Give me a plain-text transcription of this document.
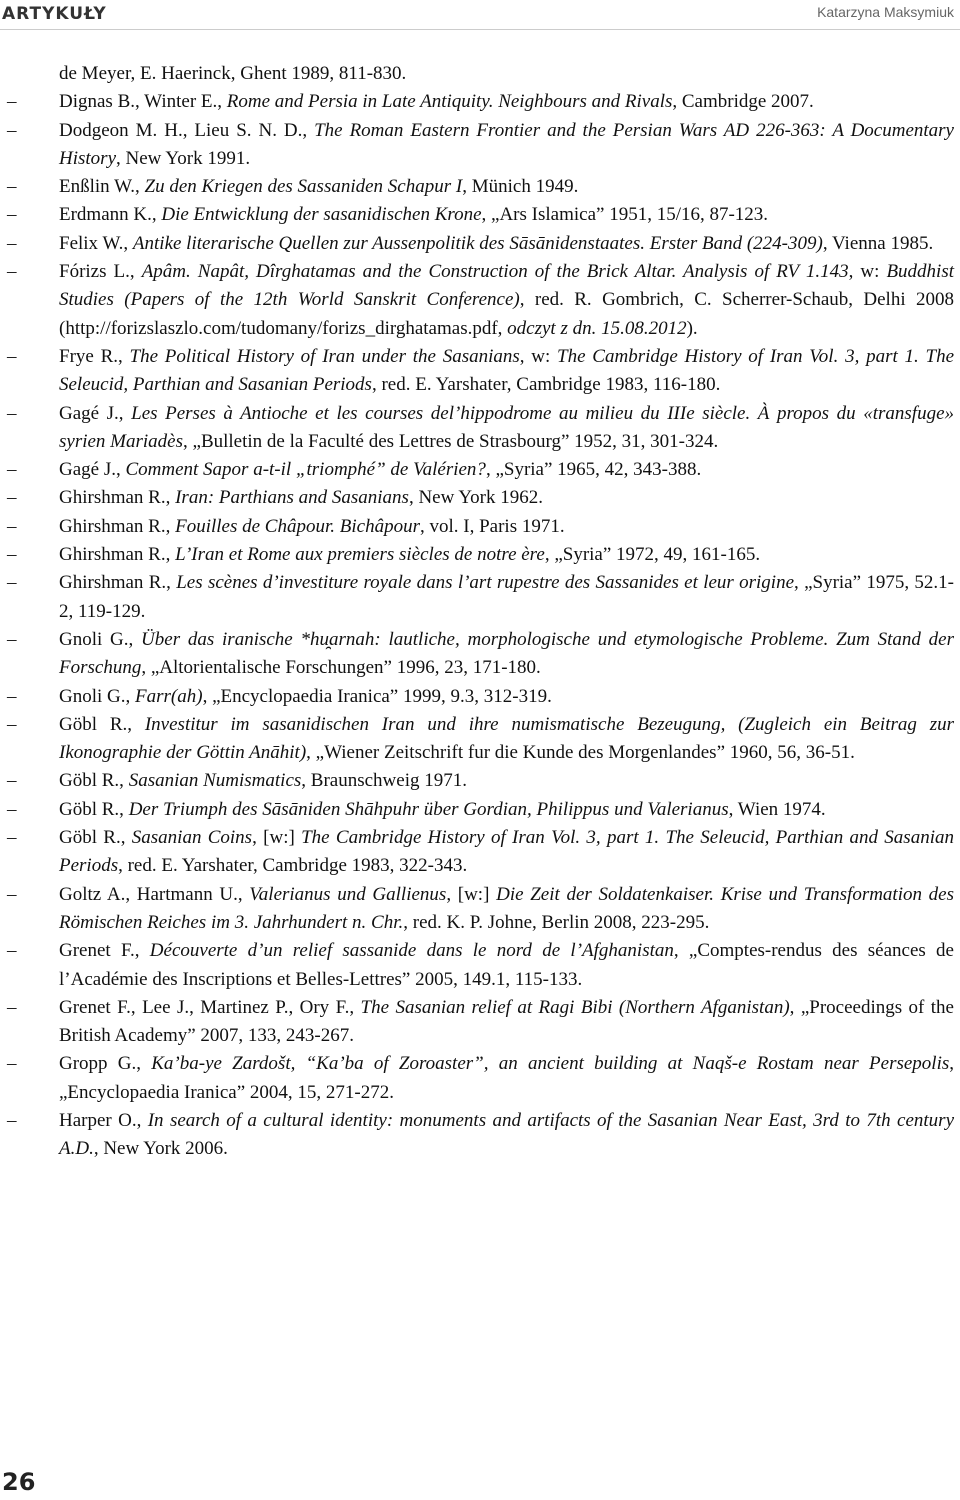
ARTYKUŁY	Katarzyna Maksymiuk
de Meyer, E. Haerinck, Ghent 1989, 811-830.
–	Dignas B., Winter E., Rome and Persia in Late Antiquity. Neighbours and Rivals, Cambridge 2007.
–	Dodgeon M. H., Lieu S. N. D., The Roman Eastern Frontier and the Persian Wars AD 226-363: A Documentary History, New York 1991.
–	Enßlin W., Zu den Kriegen des Sassaniden Schapur I, Münich 1949.
–	Erdmann K., Die Entwicklung der sasanidischen Krone, „Ars Islamica” 1951, 15/16, 87-123.
–	Felix W., Antike literarische Quellen zur Aussenpolitik des Sāsānidenstaates. Erster Band (224-309), Vienna 1985.
–	Fórizs L., Apâm. Napât, Dîrghatamas and the Construction of the Brick Altar. Analysis of RV 1.143, w: Buddhist Studies (Papers of the 12th World Sanskrit Conference), red. R. Gombrich, C. Scherrer-Schaub, Delhi 2008 (http://forizslaszlo.com/tudomany/forizs_dirghatamas.pdf, odczyt z dn. 15.08.2012).
–	Frye R., The Political History of Iran under the Sasanians, w: The Cambridge History of Iran Vol. 3, part 1. The Seleucid, Parthian and Sasanian Periods, red. E. Yarshater, Cambridge 1983, 116-180.
–	Gagé J., Les Perses à Antioche et les courses del’hippodrome au milieu du IIIe siècle. À propos du «transfuge» syrien Mariadès, „Bulletin de la Faculté des Lettres de Strasbourg” 1952, 31, 301-324.
–	Gagé J., Comment Sapor a-t-il „triomphé” de Valérien?, „Syria” 1965, 42, 343-388.
–	Ghirshman R., Iran: Parthians and Sasanians, New York 1962.
–	Ghirshman R., Fouilles de Châpour. Bichâpour, vol. I, Paris 1971.
–	Ghirshman R., L’Iran et Rome aux premiers siècles de notre ère, „Syria” 1972, 49, 161-165.
–	Ghirshman R., Les scènes d’investiture royale dans l’art rupestre des Sassanides et leur origine, „Syria” 1975, 52.1-2, 119-129.
–	Gnoli G., Über das iranische *hu̯arnah: lautliche, morphologische und etymologische Probleme. Zum Stand der Forschung, „Altorientalische Forschungen” 1996, 23, 171-180.
–	Gnoli G., Farr(ah), „Encyclopaedia Iranica” 1999, 9.3, 312-319.
–	Göbl R., Investitur im sasanidischen Iran und ihre numismatische Bezeugung, (Zugleich ein Beitrag zur Ikonographie der Göttin Anāhit), „Wiener Zeitschrift fur die Kunde des Morgenlandes” 1960, 56, 36-51.
–	Göbl R., Sasanian Numismatics, Braunschweig 1971.
–	Göbl R., Der Triumph des Sāsāniden Shāhpuhr über Gordian, Philippus und Valerianus, Wien 1974.
–	Göbl R., Sasanian Coins, [w:] The Cambridge History of Iran Vol. 3, part 1. The Seleucid, Parthian and Sasanian Periods, red. E. Yarshater, Cambridge 1983, 322-343.
–	Goltz A., Hartmann U., Valerianus und Gallienus, [w:] Die Zeit der Soldatenkaiser. Krise und Transformation des Römischen Reiches im 3. Jahrhundert n. Chr., red. K. P. Johne, Berlin 2008, 223-295.
–	Grenet F., Découverte d’un relief sassanide dans le nord de l’Afghanistan, „Comptes-rendus des séances de l’Académie des Inscriptions et Belles-Lettres” 2005, 149.1, 115-133.
–	Grenet F., Lee J., Martinez P., Ory F., The Sasanian relief at Ragi Bibi (Northern Afganistan), „Proceedings of the British Academy” 2007, 133, 243-267.
–	Gropp G., Ka’ba-ye Zardošt, “Ka’ba of Zoroaster”, an ancient building at Naqš-e Rostam near Persepolis, „Encyclopaedia Iranica” 2004, 15, 271-272.
–	Harper O., In search of a cultural identity: monuments and artifacts of the Sasanian Near East, 3rd to 7th century A.D., New York 2006.
26
